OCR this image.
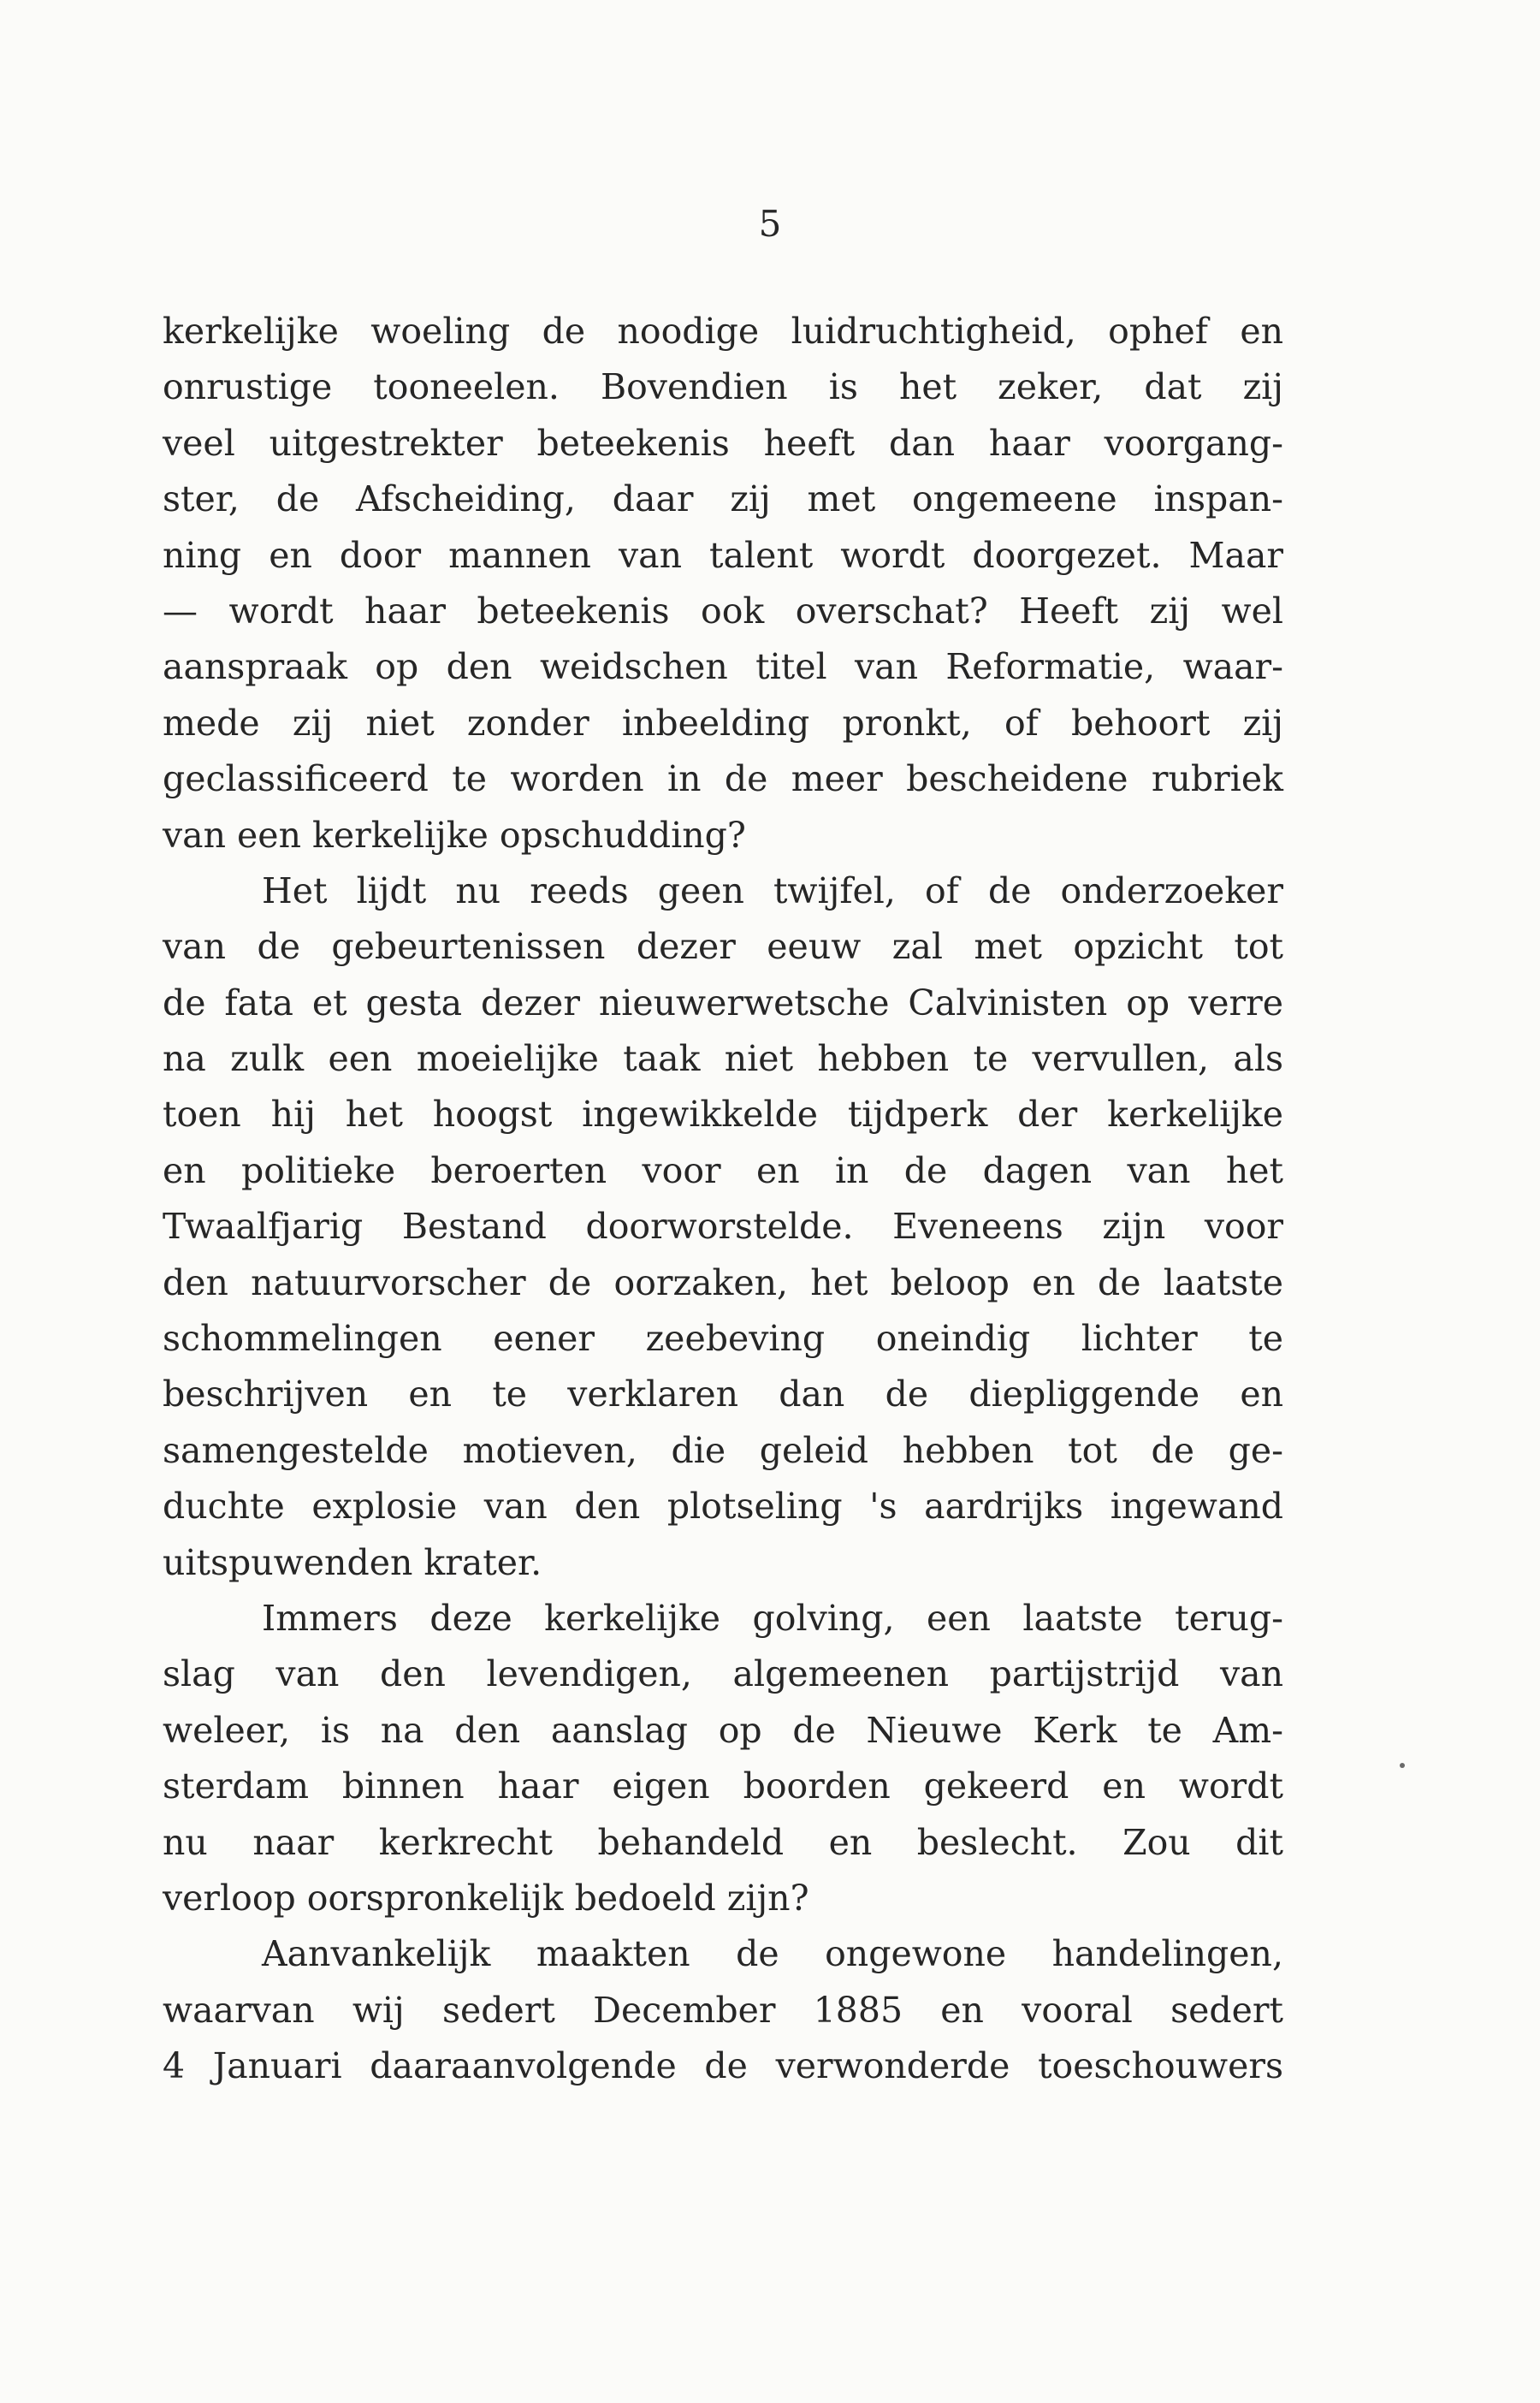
5
kerkelijke woeling de noodige luidruchtigheid, ophef en
onrustige tooneelen. Bovendien is het zeker, dat zij
veel uitgestrekter beteekenis heeft dan haar voorgang-
ster, de Afscheiding, daar zij met ongemeene inspan-
ning en door mannen van talent wordt doorgezet. Maar
— wordt haar beteekenis ook overschat? Heeft zij wel
aanspraak op den weidschen titel van Reformatie, waar-
mede zij niet zonder inbeelding pronkt, of behoort zij
geclassificeerd te worden in de meer bescheidene rubriek
van een kerkelijke opschudding?
Het lijdt nu reeds geen twijfel, of de onderzoeker
van de gebeurtenissen dezer eeuw zal met opzicht tot
de fata et gesta dezer nieuwerwetsche Calvinisten op verre
na zulk een moeielijke taak niet hebben te vervullen, als
toen hij het hoogst ingewikkelde tijdperk der kerkelijke
en politieke beroerten voor en in de dagen van het
Twaalfjarig Bestand doorworstelde. Eveneens zijn voor
den natuurvorscher de oorzaken, het beloop en de laatste
schommelingen eener zeebeving oneindig lichter te
beschrijven en te verklaren dan de diepliggende en
samengestelde motieven, die geleid hebben tot de ge-
duchte explosie van den plotseling 's aardrijks ingewand
uitspuwenden krater.
Immers deze kerkelijke golving, een laatste terug-
slag van den levendigen, algemeenen partijstrijd van
weleer, is na den aanslag op de Nieuwe Kerk te Am-
sterdam binnen haar eigen boorden gekeerd en wordt
nu naar kerkrecht behandeld en beslecht. Zou dit
verloop oorspronkelijk bedoeld zijn?
Aanvankelijk maakten de ongewone handelingen,
waarvan wij sedert December 1885 en vooral sedert
4 Januari daaraanvolgende de verwonderde toeschouwers
